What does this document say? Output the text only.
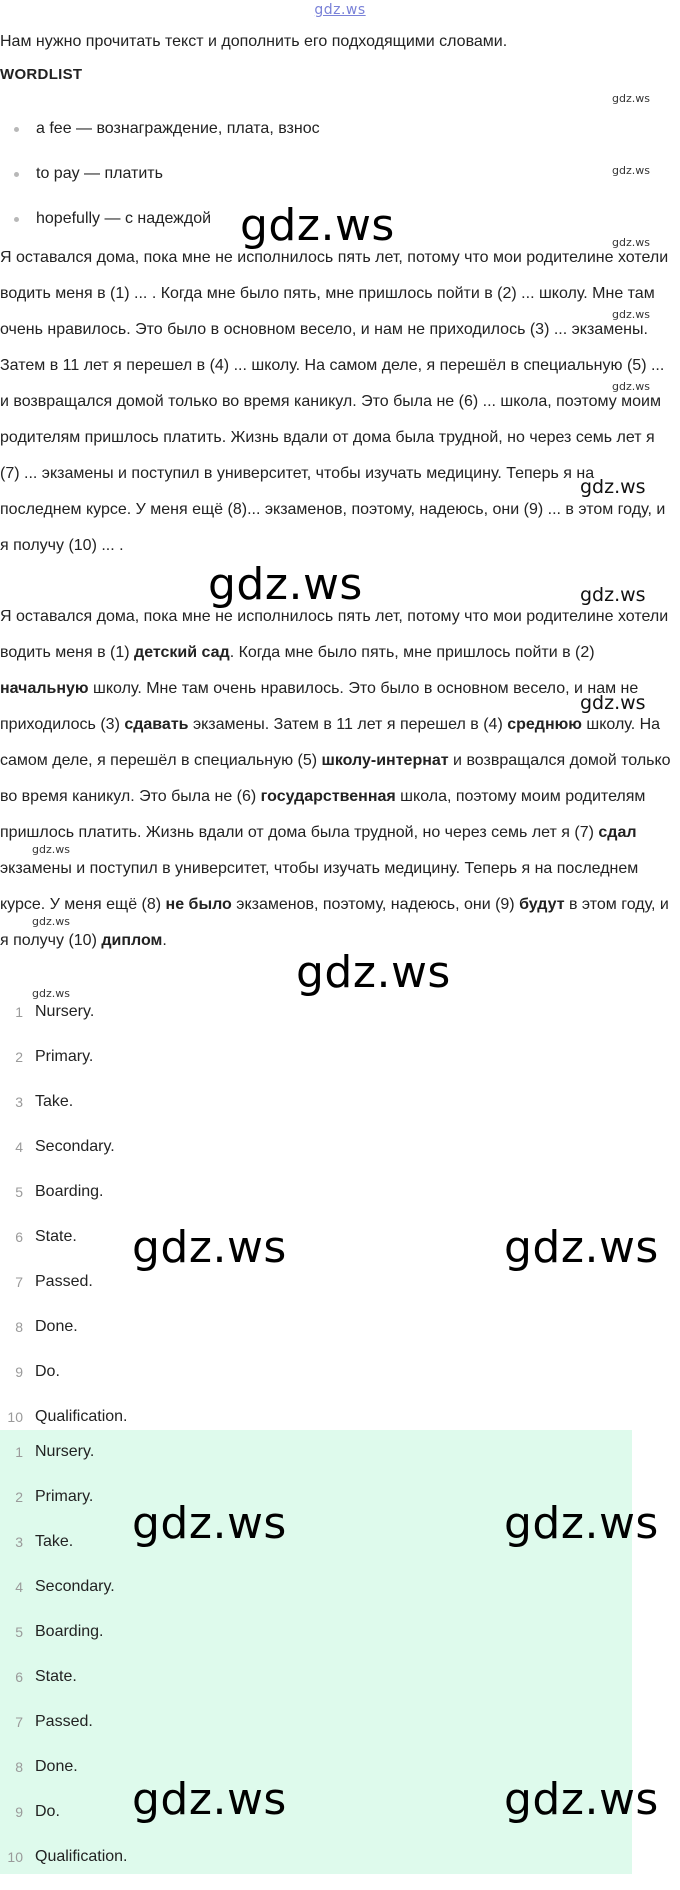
gdz.ws
Нам нужно прочитать текст и дополнить его подходящими словами.
WORDLIST
a fee — вознаграждение, плата, взнос
to pay — платить
hopefully — с надеждой

Я оставался дома, пока мне не исполнилось пять лет, потому что мои родителине хотели водить меня в (1) ... . Когда мне было пять, мне пришлось пойти в (2) ... школу. Мне там очень нравилось. Это было в основном весело, и нам не приходилось (3) ... экзамены. Затем в 11 лет я перешел в (4) ... школу. На самом деле, я перешёл в специальную (5) ... и возвращался домой только во время каникул. Это была не (6) ... школа, поэтому моим родителям пришлось платить. Жизнь вдали от дома была трудной, но через семь лет я (7) ... экзамены и поступил в университет, чтобы изучать медицину. Теперь я на последнем курсе. У меня ещё (8)... экзаменов, поэтому, надеюсь, они (9) ... в этом году, и я получу (10) ... .

Я оставался дома, пока мне не исполнилось пять лет, потому что мои родителине хотели водить меня в (1) детский сад. Когда мне было пять, мне пришлось пойти в (2) начальную школу. Мне там очень нравилось. Это было в основном весело, и нам не приходилось (3) сдавать экзамены. Затем в 11 лет я перешел в (4) среднюю школу. На самом деле, я перешёл в специальную (5) школу-интернат и возвращался домой только во время каникул. Это была не (6) государственная школа, поэтому моим родителям пришлось платить. Жизнь вдали от дома была трудной, но через семь лет я (7) сдал экзамены и поступил в университет, чтобы изучать медицину. Теперь я на последнем курсе. У меня ещё (8) не было экзаменов, поэтому, надеюсь, они (9) будут в этом году, и я получу (10) диплом.

1 Nursery.
2 Primary.
3 Take.
4 Secondary.
5 Boarding.
6 State.
7 Passed.
8 Done.
9 Do.
10 Qualification.
1 Nursery.
2 Primary.
3 Take.
4 Secondary.
5 Boarding.
6 State.
7 Passed.
8 Done.
9 Do.
10 Qualification.
gdz.ws
gdz.ws
gdz.ws
gdz.ws
gdz.ws
gdz.ws
gdz.ws
gdz.ws
gdz.ws
gdz.ws
gdz.ws
gdz.ws
gdz.ws
gdz.ws
gdz.ws	gdz.ws
gdz.ws	gdz.ws
gdz.ws	gdz.ws
